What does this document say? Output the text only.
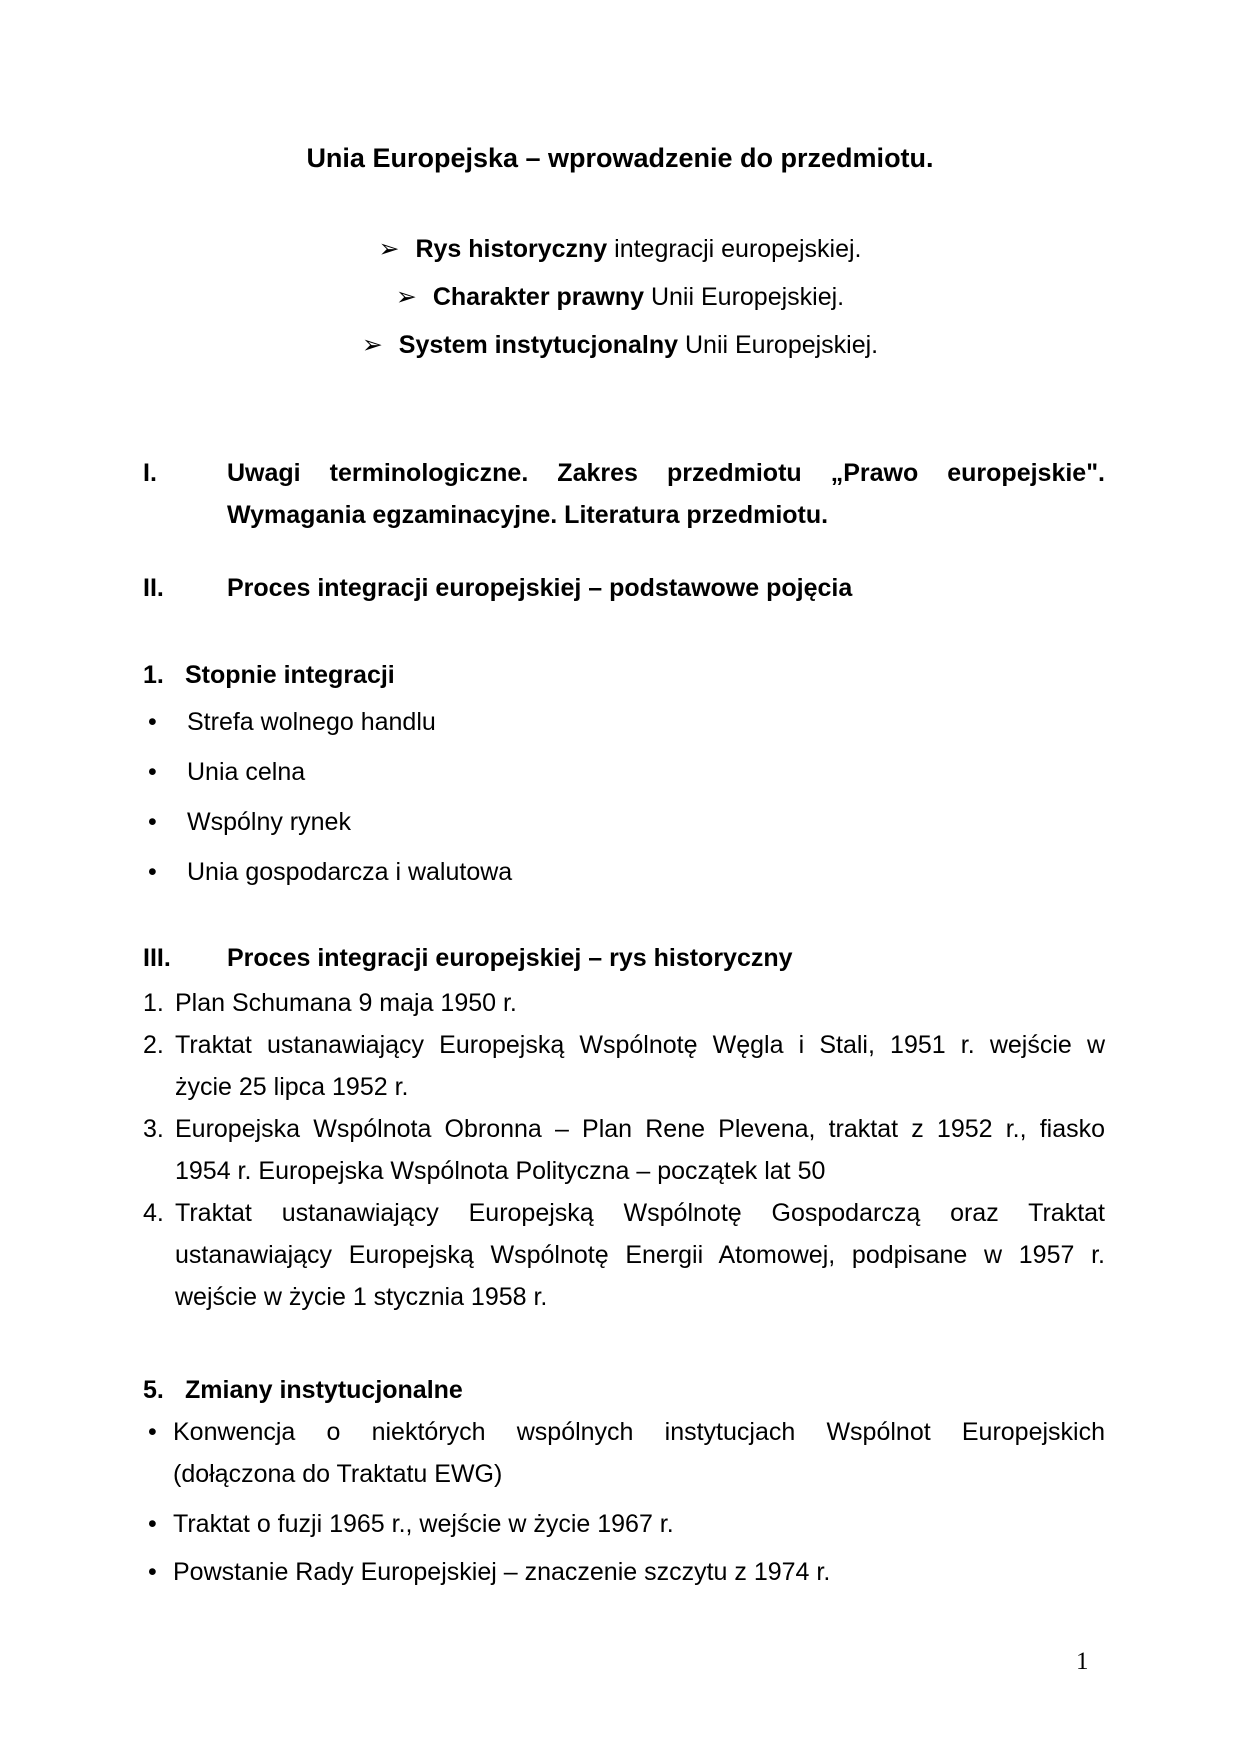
Unia Europejska – wprowadzenie do przedmiotu.
➢ Rys historyczny integracji europejskiej.
➢ Charakter prawny Unii Europejskiej.
➢ System instytucjonalny Unii Europejskiej.
I.	Uwagi terminologiczne. Zakres przedmiotu „Prawo europejskie".
Wymagania egzaminacyjne. Literatura przedmiotu.
II.	Proces integracji europejskiej – podstawowe pojęcia
1. Stopnie integracji
• Strefa wolnego handlu
• Unia celna
• Wspólny rynek
• Unia gospodarcza i walutowa
III. Proces integracji europejskiej – rys historyczny
1. Plan Schumana 9 maja 1950 r.
2. Traktat ustanawiający Europejską Wspólnotę Węgla i Stali, 1951 r. wejście w
życie 25 lipca 1952 r.
3. Europejska Wspólnota Obronna – Plan Rene Plevena, traktat z 1952 r., fiasko
1954 r. Europejska Wspólnota Polityczna – początek lat 50
4. Traktat ustanawiający Europejską Wspólnotę Gospodarczą oraz Traktat
ustanawiający Europejską Wspólnotę Energii Atomowej, podpisane w 1957 r.
wejście w życie 1 stycznia 1958 r.
5. Zmiany instytucjonalne
• Konwencja o niektórych wspólnych instytucjach Wspólnot Europejskich
(dołączona do Traktatu EWG)
• Traktat o fuzji 1965 r., wejście w życie 1967 r.
• Powstanie Rady Europejskiej – znaczenie szczytu z 1974 r.
1
